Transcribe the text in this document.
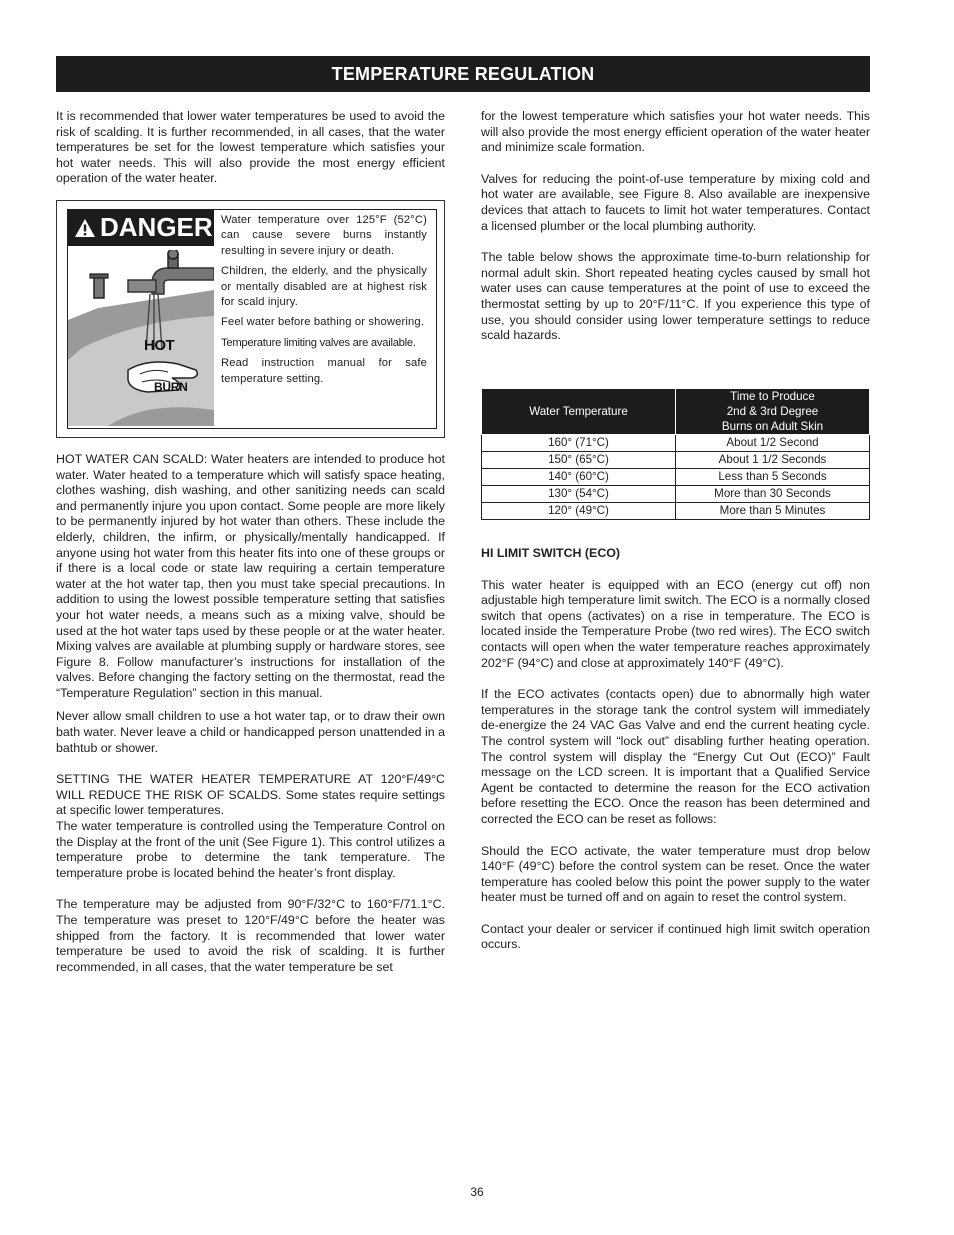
TEMPERATURE REGULATION

It is recommended that lower water temperatures be used to avoid the risk of scalding. It is further recommended, in all cases, that the water temperatures be set for the lowest temperature which satisfies your hot water needs. This will also provide the most energy efficient operation of the water heater.

DANGER
HOT
BURN

Water temperature over 125°F (52°C) can cause severe burns instantly resulting in severe injury or death.

Children, the elderly, and the physically or mentally disabled are at highest risk for scald injury.

Feel water before bathing or showering.

Temperature limiting valves are available.

Read instruction manual for safe temperature setting.

HOT WATER CAN SCALD: Water heaters are intended to produce hot water. Water heated to a temperature which will satisfy space heating, clothes washing, dish washing, and other sanitizing needs can scald and permanently injure you upon contact. Some people are more likely to be permanently injured by hot water than others. These include the elderly, children, the infirm, or physically/mentally handicapped. If anyone using hot water from this heater fits into one of these groups or if there is a local code or state law requiring a certain temperature water at the hot water tap, then you must take special precautions. In addition to using the lowest possible temperature setting that satisfies your hot water needs, a means such as a mixing valve, should be used at the hot water taps used by these people or at the water heater. Mixing valves are available at plumbing supply or hardware stores, see Figure 8. Follow manufacturer’s instructions for installation of the valves. Before changing the factory setting on the thermostat, read the “Temperature Regulation” section in this manual.

Never allow small children to use a hot water tap, or to draw their own bath water. Never leave a child or handicapped person unattended in a bathtub or shower.

SETTING THE WATER HEATER TEMPERATURE AT 120°F/49°C WILL REDUCE THE RISK OF SCALDS. Some states require settings at specific lower temperatures.

The water temperature is controlled using the Temperature Control on the Display at the front of the unit (See Figure 1). This control utilizes a temperature probe to determine the tank temperature. The temperature probe is located behind the heater’s front display.

The temperature may be adjusted from 90°F/32°C to 160°F/71.1°C. The temperature was preset to 120°F/49°C before the heater was shipped from the factory. It is recommended that lower water temperature be used to avoid the risk of scalding. It is further recommended, in all cases, that the water temperature be set

for the lowest temperature which satisfies your hot water needs. This will also provide the most energy efficient operation of the water heater and minimize scale formation.

Valves for reducing the point-of-use temperature by mixing cold and hot water are available, see Figure 8. Also available are inexpensive devices that attach to faucets to limit hot water temperatures. Contact a licensed plumber or the local plumbing authority.

The table below shows the approximate time-to-burn relationship for normal adult skin. Short repeated heating cycles caused by small hot water uses can cause temperatures at the point of use to exceed the thermostat setting by up to 20°F/11°C. If you experience this type of use, you should consider using lower temperature settings to reduce scald hazards.

Water Temperature	Time to Produce
2nd & 3rd Degree
Burns on Adult Skin

160° (71°C)	About 1/2 Second
150° (65°C)	About 1 1/2 Seconds
140° (60°C)	Less than 5 Seconds
130° (54°C)	More than 30 Seconds
120° (49°C)	More than 5 Minutes

HI LIMIT SWITCH (ECO)

This water heater is equipped with an ECO (energy cut off) non adjustable high temperature limit switch. The ECO is a normally closed switch that opens (activates) on a rise in temperature. The ECO is located inside the Temperature Probe (two red wires). The ECO switch contacts will open when the water temperature reaches approximately 202°F (94°C) and close at approximately 140°F (49°C).

If the ECO activates (contacts open) due to abnormally high water temperatures in the storage tank the control system will immediately de-energize the 24 VAC Gas Valve and end the current heating cycle. The control system will “lock out” disabling further heating operation. The control system will display the “Energy Cut Out (ECO)” Fault message on the LCD screen. It is important that a Qualified Service Agent be contacted to determine the reason for the ECO activation before resetting the ECO. Once the reason has been determined and corrected the ECO can be reset as follows:

Should the ECO activate, the water temperature must drop below 140°F (49°C) before the control system can be reset. Once the water temperature has cooled below this point the power supply to the water heater must be turned off and on again to reset the control system.

Contact your dealer or servicer if continued high limit switch operation occurs.

36
